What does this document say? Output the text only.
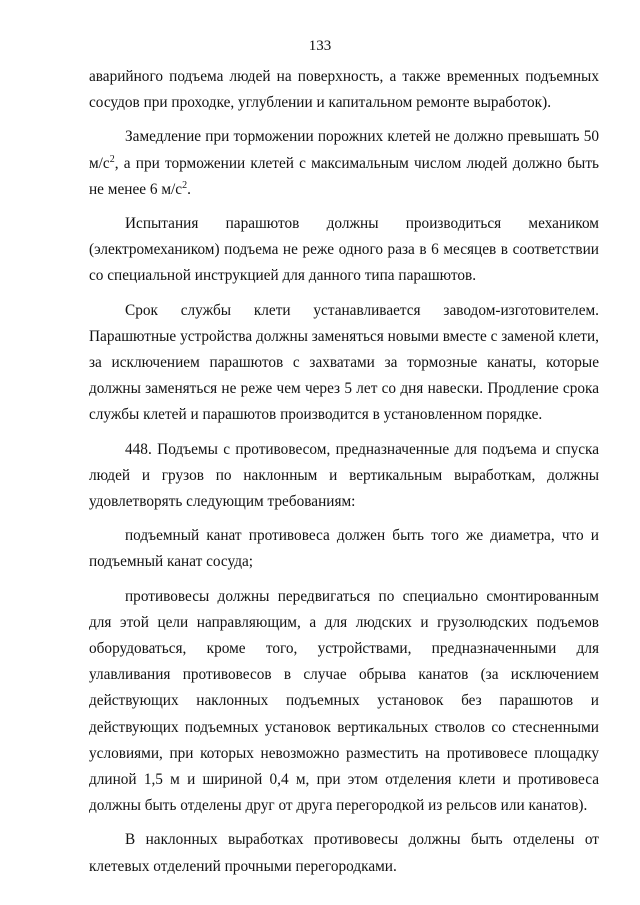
133

аварийного подъема людей на поверхность, а также временных подъемных сосудов при проходке, углублении и капитальном ремонте выработок).

Замедление при торможении порожних клетей не должно превышать 50 $м/с^2$, а при торможении клетей с максимальным числом людей должно быть не менее 6 $м/с^2$.

Испытания парашютов должны производиться механиком (электромехаником) подъема не реже одного раза в 6 месяцев в соответствии со специальной инструкцией для данного типа парашютов.

Срок службы клети устанавливается заводом-изготовителем. Парашютные устройства должны заменяться новыми вместе с заменой клети, за исключением парашютов с захватами за тормозные канаты, которые должны заменяться не реже чем через 5 лет со дня навески. Продление срока службы клетей и парашютов производится в установленном порядке.

448. Подъемы с противовесом, предназначенные для подъема и спуска людей и грузов по наклонным и вертикальным выработкам, должны удовлетворять следующим требованиям:

подъемный канат противовеса должен быть того же диаметра, что и подъемный канат сосуда;

противовесы должны передвигаться по специально смонтированным для этой цели направляющим, а для людских и грузолюдских подъемов оборудоваться, кроме того, устройствами, предназначенными для улавливания противовесов в случае обрыва канатов (за исключением действующих наклонных подъемных установок без парашютов и действующих подъемных установок вертикальных стволов со стесненными условиями, при которых невозможно разместить на противовесе площадку длиной 1,5 м и шириной 0,4 м, при этом отделения клети и противовеса должны быть отделены друг от друга перегородкой из рельсов или канатов).

В наклонных выработках противовесы должны быть отделены от клетевых отделений прочными перегородками.
